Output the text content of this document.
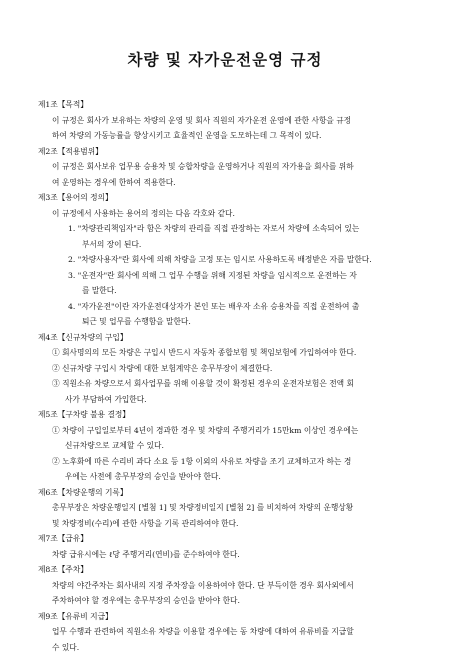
차량 및 자가운전운영 규정
제1조【목적】
이 규정은 회사가 보유하는 차량의 운영 및 회사 직원의 자가운전 운영에 관한 사항을 규정
하여 차량의 가동능률을 향상시키고 효율적인 운영을 도모하는데 그 목적이 있다.
제2조【적용범위】
이 규정은 회사보유 업무용 승용차 및 승합차량을 운영하거나 직원의 자가용을 회사를 위하
여 운영하는 경우에 한하여 적용한다.
제3조【용어의 정의】
이 규정에서 사용하는 용어의 정의는 다음 각호와 같다.
1. "차량관리책임자"라 함은 차량의 관리를 직접 관장하는 자로서 차량에 소속되어 있는
부서의 장이 된다.
2. "차량사용자"란 회사에 의해 차량을 고정 또는 임시로 사용하도록 배정받은 자를 말한다.
3. "운전자"란 회사에 의해 그 업무 수행을 위해 지정된 차량을 임시적으로 운전하는 자
를 말한다.
4. "자가운전"이란 자가운전대상자가 본인 또는 배우자 소유 승용차를 직접 운전하여 출
퇴근 및 업무를 수행함을 말한다.
제4조【신규차량의 구입】
① 회사명의의 모든 차량은 구입시 반드시 자동차 종합보험 및 책임보험에 가입하여야 한다.
② 신규차량 구입시 차량에 대한 보험계약은 총무부장이 체결한다.
③ 직원소유 차량으로서 회사업무를 위해 이용할 것이 확정된 경우의 운전자보험은 전액 회
사가 부담하여 가입한다.
제5조【구차량 불용 결정】
① 차량이 구입일로부터 4년이 경과한 경우 및 차량의 주행거리가 15만km 이상인 경우에는
신규차량으로 교체할 수 있다.
② 노후화에 따른 수리비 과다 소요 등 1항 이외의 사유로 차량을 조기 교체하고자 하는 경
우에는 사전에 총무부장의 승인을 받아야 한다.
제6조【차량운행의 기록】
총무부장은 차량운행일지 [별첨 1] 및 차량정비일지 [별첨 2] 를 비치하여 차량의 운행상황
및 차량정비(수리)에 관한 사항을 기록 관리하여야 한다.
제7조【급유】
차량 급유시에는 ℓ당 주행거리(연비)를 준수하여야 한다.
제8조【주차】
차량의 야간주차는 회사내의 지정 주차장을 이용하여야 한다. 단 부득이한 경우 회사외에서
주차하여야 할 경우에는 총무부장의 승인을 받아야 한다.
제9조【유류비 지급】
업무 수행과 관련하여 직원소유 차량을 이용할 경우에는 동 차량에 대하여 유류비를 지급할
수 있다.
